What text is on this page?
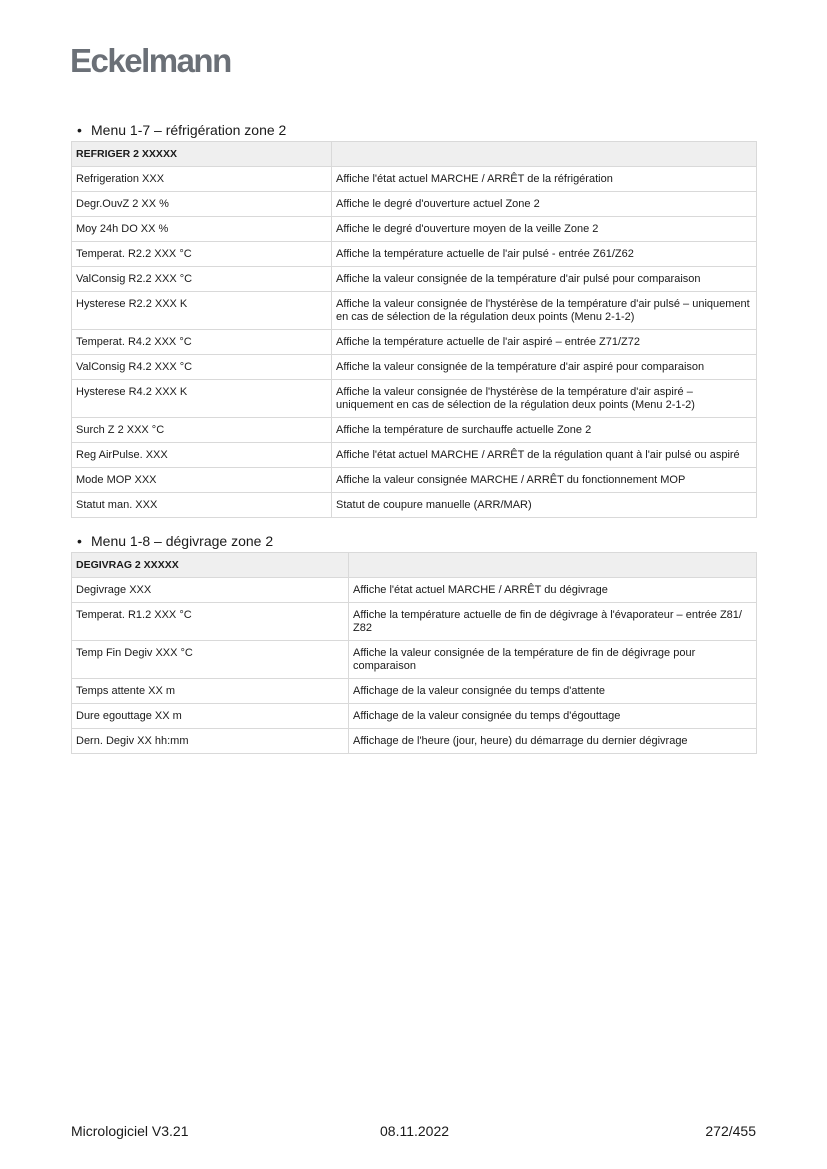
Eckelmann
• Menu 1-7 – réfrigération zone 2
REFRIGER 2 XXXXX	
Refrigeration XXX	Affiche l'état actuel MARCHE / ARRÊT de la réfrigération
Degr.OuvZ 2 XX %	Affiche le degré d'ouverture actuel Zone 2
Moy 24h DO XX %	Affiche le degré d'ouverture moyen de la veille Zone 2
Temperat. R2.2 XXX °C	Affiche la température actuelle de l'air pulsé - entrée Z61/Z62
ValConsig R2.2 XXX °C	Affiche la valeur consignée de la température d'air pulsé pour comparaison
Hysterese R2.2 XXX K	Affiche la valeur consignée de l'hystérèse de la température d'air pulsé – uniquement en cas de sélection de la régulation deux points (Menu 2-1-2)
Temperat. R4.2 XXX °C	Affiche la température actuelle de l'air aspiré – entrée Z71/Z72
ValConsig R4.2 XXX °C	Affiche la valeur consignée de la température d'air aspiré pour comparaison
Hysterese R4.2 XXX K	Affiche la valeur consignée de l'hystérèse de la température d'air aspiré – uniquement en cas de sélection de la régulation deux points (Menu 2-1-2)
Surch Z 2 XXX °C	Affiche la température de surchauffe actuelle Zone 2
Reg AirPulse. XXX	Affiche l'état actuel MARCHE / ARRÊT de la régulation quant à l'air pulsé ou aspiré
Mode MOP XXX	Affiche la valeur consignée MARCHE / ARRÊT du fonctionnement MOP
Statut man. XXX	Statut de coupure manuelle (ARR/MAR)
• Menu 1-8 – dégivrage zone 2
DEGIVRAG 2 XXXXX	
Degivrage XXX	Affiche l'état actuel MARCHE / ARRÊT du dégivrage
Temperat. R1.2 XXX °C	Affiche la température actuelle de fin de dégivrage à l'évaporateur – entrée Z81/ Z82
Temp Fin Degiv XXX °C	Affiche la valeur consignée de la température de fin de dégivrage pour comparaison
Temps attente XX m	Affichage de la valeur consignée du temps d'attente
Dure egouttage XX m	Affichage de la valeur consignée du temps d'égouttage
Dern. Degiv XX hh:mm	Affichage de l'heure (jour, heure) du démarrage du dernier dégivrage
Micrologiciel V3.21	08.11.2022	272/455
